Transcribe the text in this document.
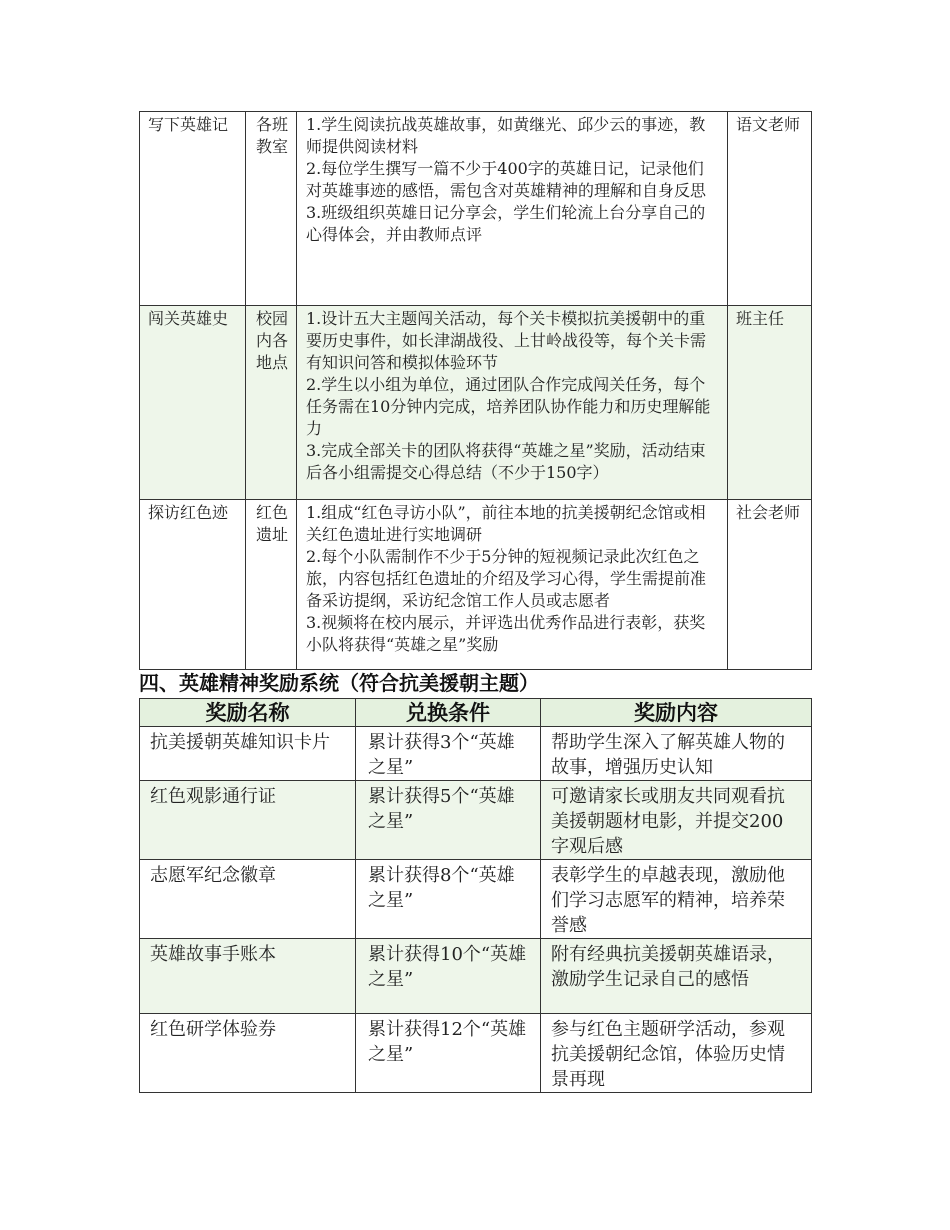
写下英雄记	各班教室	1.学生阅读抗战英雄故事，如黄继光、邱少云的事迹，教师提供阅读材料
2.每位学生撰写一篇不少于400字的英雄日记，记录他们对英雄事迹的感悟，需包含对英雄精神的理解和自身反思
3.班级组织英雄日记分享会，学生们轮流上台分享自己的心得体会，并由教师点评	语文老师
闯关英雄史	校园内各地点	1.设计五大主题闯关活动，每个关卡模拟抗美援朝中的重要历史事件，如长津湖战役、上甘岭战役等，每个关卡需有知识问答和模拟体验环节
2.学生以小组为单位，通过团队合作完成闯关任务，每个任务需在10分钟内完成，培养团队协作能力和历史理解能力
3.完成全部关卡的团队将获得“英雄之星”奖励，活动结束后各小组需提交心得总结（不少于150字）	班主任
探访红色迹	红色遗址	1.组成“红色寻访小队”，前往本地的抗美援朝纪念馆或相关红色遗址进行实地调研
2.每个小队需制作不少于5分钟的短视频记录此次红色之旅，内容包括红色遗址的介绍及学习心得，学生需提前准备采访提纲，采访纪念馆工作人员或志愿者
3.视频将在校内展示，并评选出优秀作品进行表彰，获奖小队将获得“英雄之星”奖励	社会老师
四、英雄精神奖励系统（符合抗美援朝主题）
奖励名称	兑换条件	奖励内容
抗美援朝英雄知识卡片	累计获得3个“英雄之星”	帮助学生深入了解英雄人物的故事，增强历史认知
红色观影通行证	累计获得5个“英雄之星”	可邀请家长或朋友共同观看抗美援朝题材电影，并提交200字观后感
志愿军纪念徽章	累计获得8个“英雄之星”	表彰学生的卓越表现，激励他们学习志愿军的精神，培养荣誉感
英雄故事手账本	累计获得10个“英雄之星”	附有经典抗美援朝英雄语录，激励学生记录自己的感悟
红色研学体验券	累计获得12个“英雄之星”	参与红色主题研学活动，参观抗美援朝纪念馆，体验历史情景再现
